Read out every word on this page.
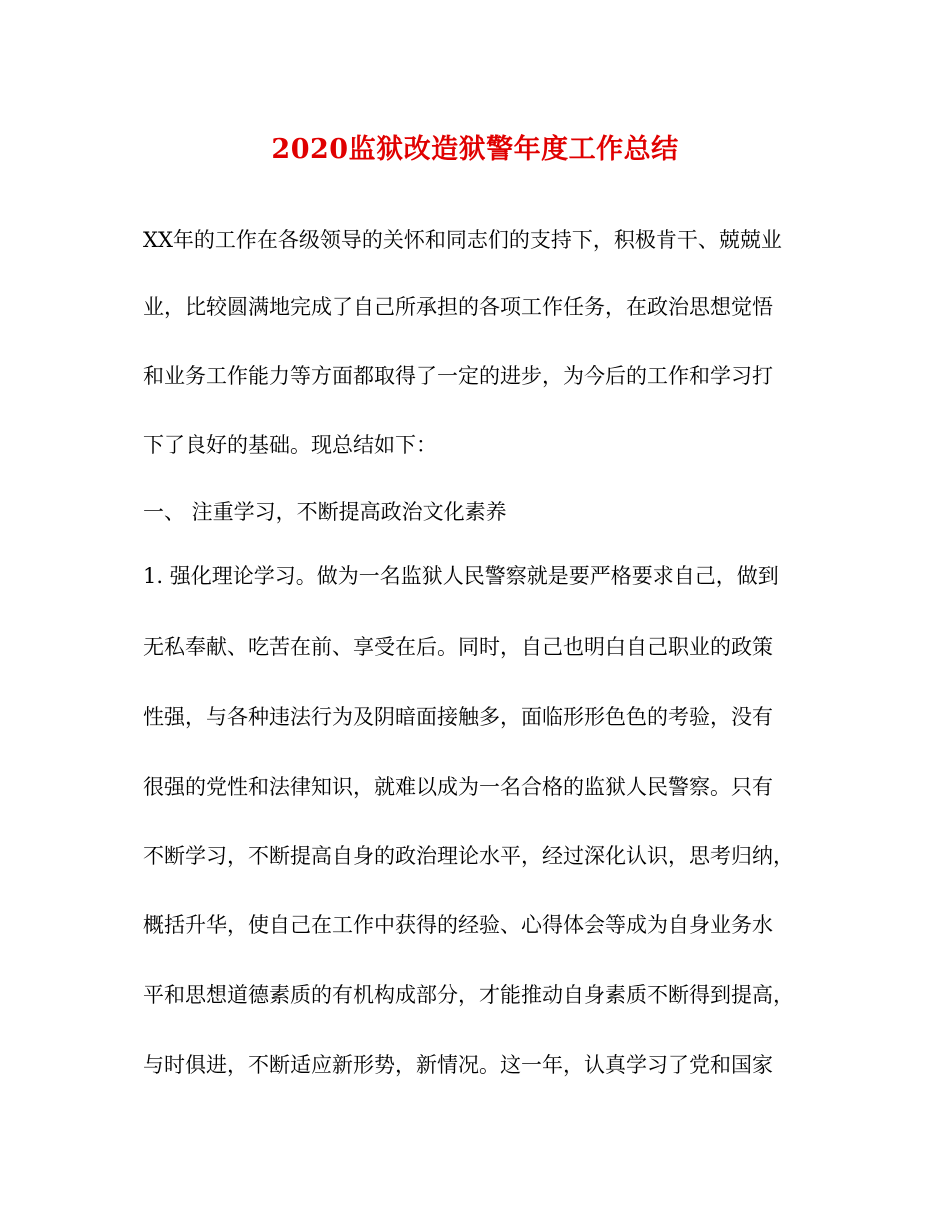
2020监狱改造狱警年度工作总结
XX年的工作在各级领导的关怀和同志们的支持下，积极肯干、兢兢业
业，比较圆满地完成了自己所承担的各项工作任务，在政治思想觉悟
和业务工作能力等方面都取得了一定的进步，为今后的工作和学习打
下了良好的基础。现总结如下：
一、 注重学习，不断提高政治文化素养
1. 强化理论学习。做为一名监狱人民警察就是要严格要求自己，做到
无私奉献、吃苦在前、享受在后。同时，自己也明白自己职业的政策
性强，与各种违法行为及阴暗面接触多，面临形形色色的考验，没有
很强的党性和法律知识，就难以成为一名合格的监狱人民警察。只有
不断学习，不断提高自身的政治理论水平，经过深化认识，思考归纳，
概括升华，使自己在工作中获得的经验、心得体会等成为自身业务水
平和思想道德素质的有机构成部分，才能推动自身素质不断得到提高，
与时俱进，不断适应新形势，新情况。这一年，认真学习了党和国家
